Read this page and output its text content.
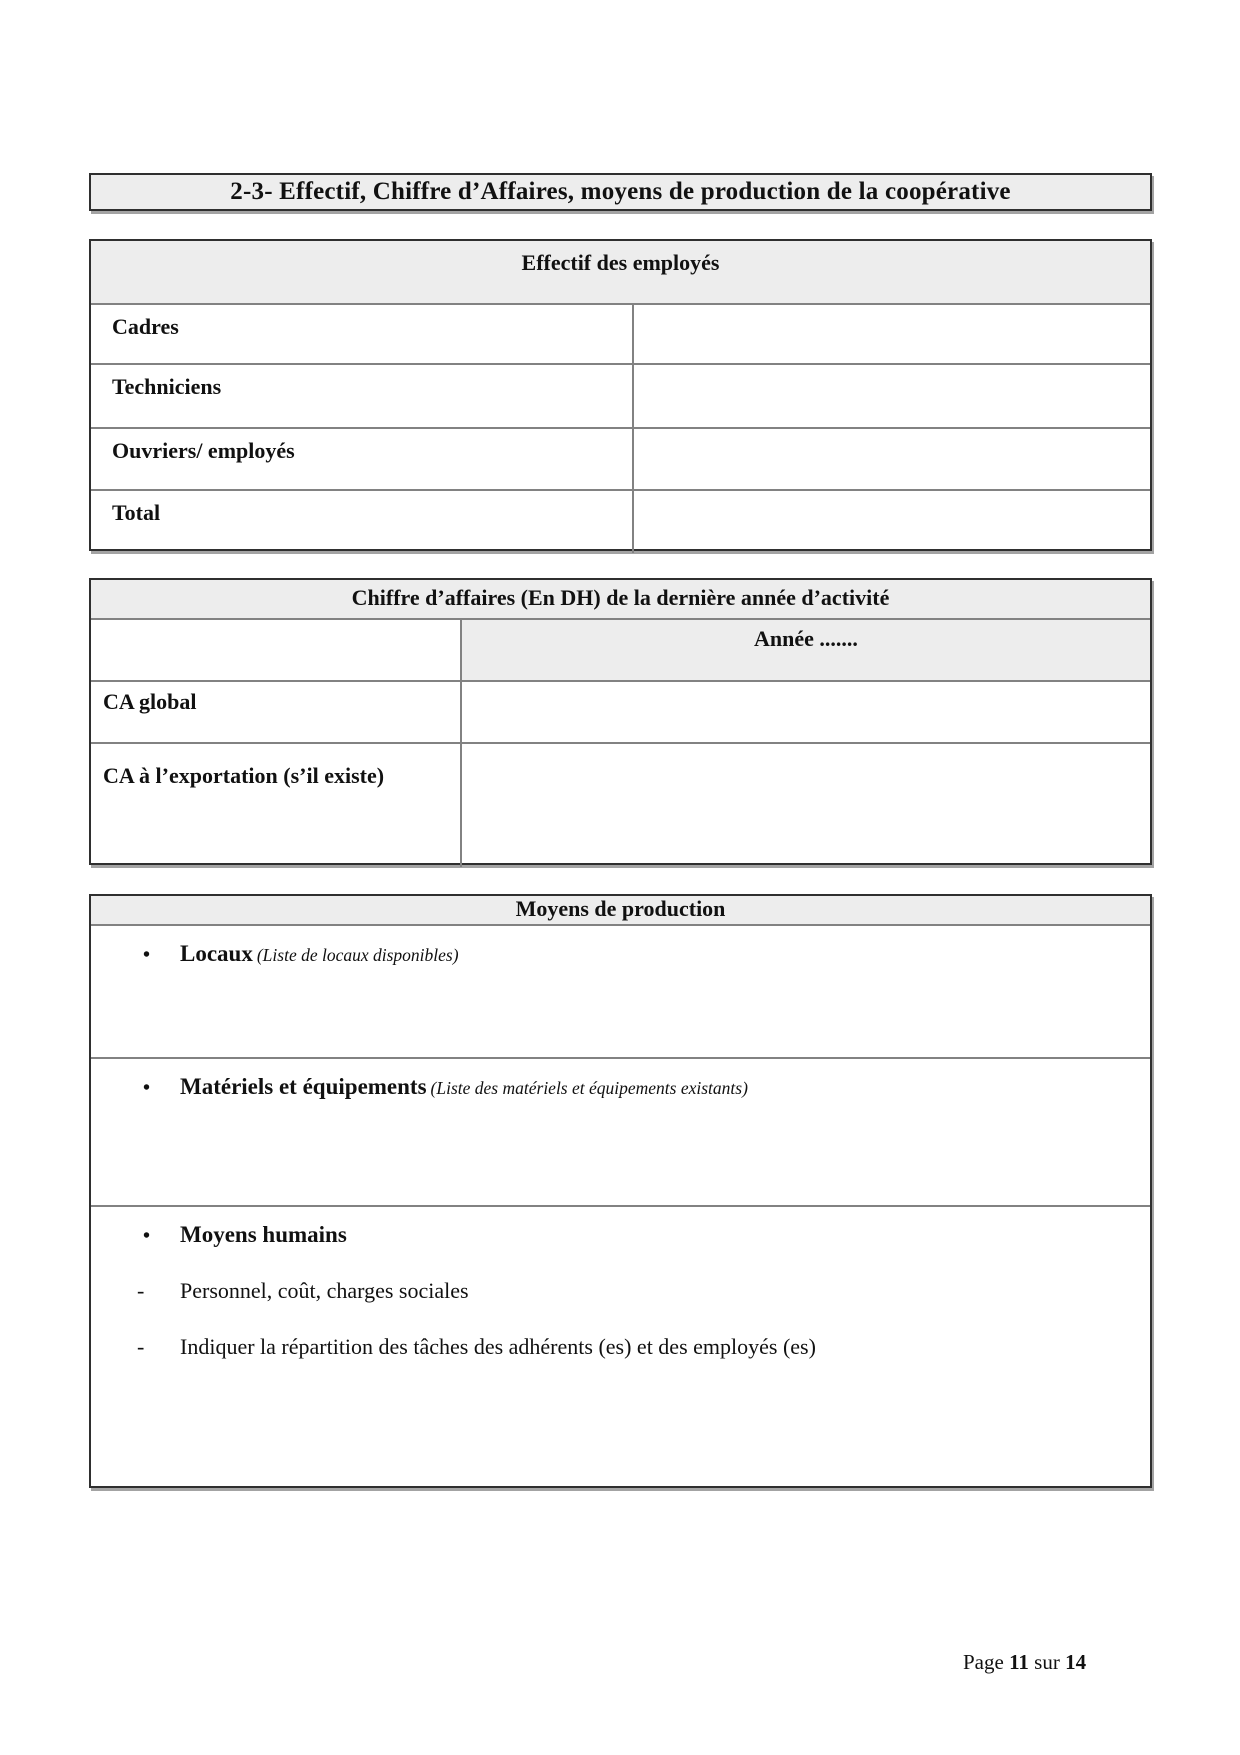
2-3- Effectif, Chiffre d’Affaires, moyens de production de la coopérative
Effectif des employés
Cadres
Techniciens
Ouvriers/ employés
Total
Chiffre d’affaires (En DH) de la dernière année d’activité
Année .......
CA global
CA à l’exportation (s’il existe)
Moyens de production
• Locaux (Liste de locaux disponibles)
• Matériels et équipements (Liste des matériels et équipements existants)
• Moyens humains
- Personnel, coût, charges sociales
- Indiquer la répartition des tâches des adhérents (es) et des employés (es)
Page 11 sur 14
